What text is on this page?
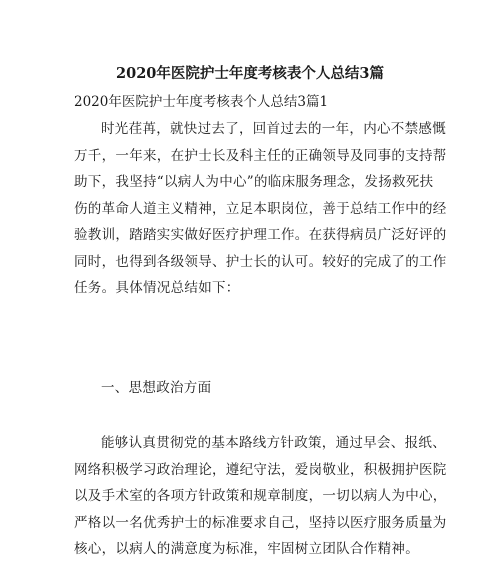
2020年医院护士年度考核表个人总结3篇
2020年医院护士年度考核表个人总结3篇1
时光荏苒，就快过去了，回首过去的一年，内心不禁感慨
万千，一年来，在护士长及科主任的正确领导及同事的支持帮
助下，我坚持“以病人为中心”的临床服务理念，发扬救死扶
伤的革命人道主义精神，立足本职岗位，善于总结工作中的经
验教训，踏踏实实做好医疗护理工作。在获得病员广泛好评的
同时，也得到各级领导、护士长的认可。较好的完成了的工作
任务。具体情况总结如下：
一、思想政治方面
能够认真贯彻党的基本路线方针政策，通过早会、报纸、
网络积极学习政治理论，遵纪守法，爱岗敬业，积极拥护医院
以及手术室的各项方针政策和规章制度，一切以病人为中心，
严格以一名优秀护士的标准要求自己，坚持以医疗服务质量为
核心，以病人的满意度为标准，牢固树立团队合作精神。
